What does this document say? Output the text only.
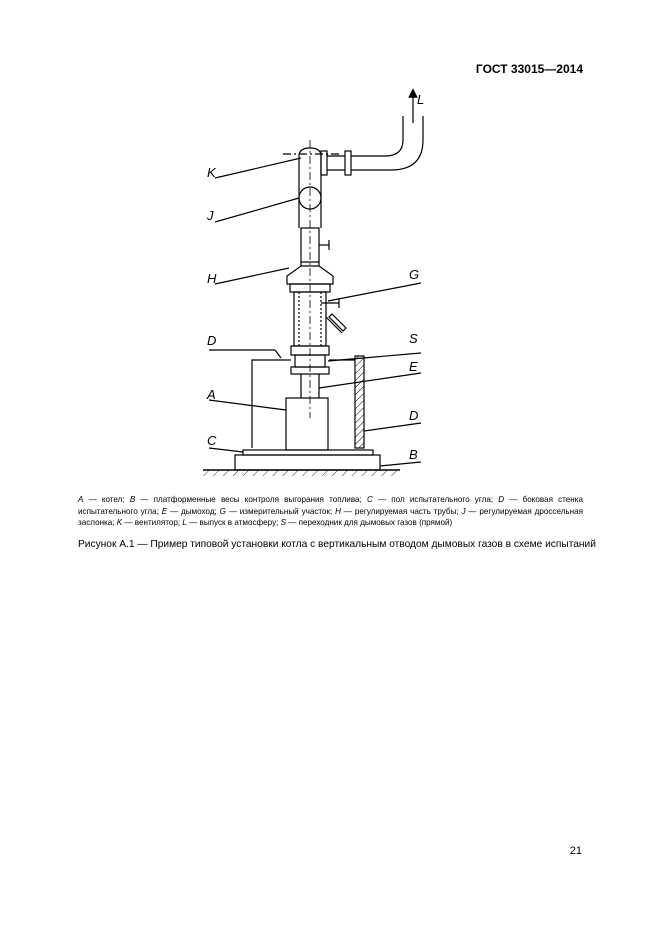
ГОСТ 33015—2014
L
K
J
H	G
D	S
E
A
D
C
B
A — котел; B — платформенные весы контроля выгорания топлива; C — пол испытательного угла; D — боковая стенка испытательного угла; E — дымоход; G — измерительный участок; H — регулируемая часть трубы; J — регулируемая дроссельная заслонка; K — вентилятор; L — выпуск в атмосферу; S — переходник для дымовых газов (прямой)
Рисунок А.1 — Пример типовой установки котла с вертикальным отводом дымовых газов в схеме испытаний
21
